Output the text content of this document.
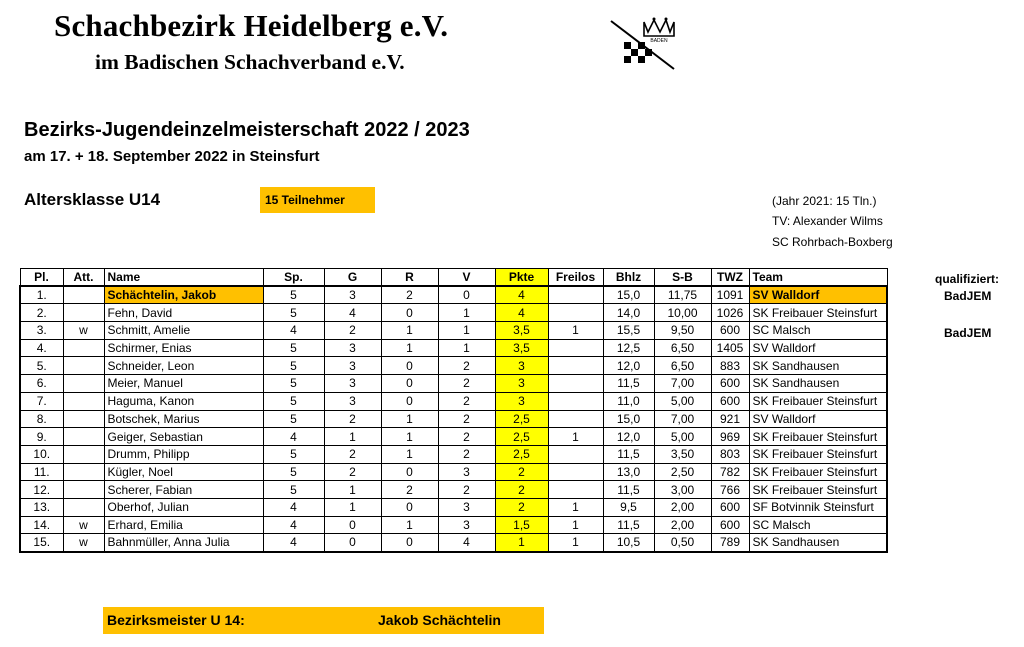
Schachbezirk Heidelberg e.V.
im Badischen Schachverband e.V.
BADEN
Bezirks-Jugendeinzelmeisterschaft 2022 / 2023
am 17. + 18. September 2022 in Steinsfurt
Altersklasse U14	15 Teilnehmer	(Jahr 2021: 15 Tln.)
TV: Alexander Wilms
SC Rohrbach-Boxberg
Pl.	Att.	Name	Sp.	G	R	V	Pkte	Freilos	Bhlz	S-B	TWZ	Team
1.		Schächtelin, Jakob	5	3	2	0	4		15,0	11,75	1091	SV Walldorf
2.		Fehn, David	5	4	0	1	4		14,0	10,00	1026	SK Freibauer Steinsfurt
3.	w	Schmitt, Amelie	4	2	1	1	3,5	1	15,5	9,50	600	SC Malsch
4.		Schirmer, Enias	5	3	1	1	3,5		12,5	6,50	1405	SV Walldorf
5.		Schneider, Leon	5	3	0	2	3		12,0	6,50	883	SK Sandhausen
6.		Meier, Manuel	5	3	0	2	3		11,5	7,00	600	SK Sandhausen
7.		Haguma, Kanon	5	3	0	2	3		11,0	5,00	600	SK Freibauer Steinsfurt
8.		Botschek, Marius	5	2	1	2	2,5		15,0	7,00	921	SV Walldorf
9.		Geiger, Sebastian	4	1	1	2	2,5	1	12,0	5,00	969	SK Freibauer Steinsfurt
10.		Drumm, Philipp	5	2	1	2	2,5		11,5	3,50	803	SK Freibauer Steinsfurt
11.		Kügler, Noel	5	2	0	3	2		13,0	2,50	782	SK Freibauer Steinsfurt
12.		Scherer, Fabian	5	1	2	2	2		11,5	3,00	766	SK Freibauer Steinsfurt
13.		Oberhof, Julian	4	1	0	3	2	1	9,5	2,00	600	SF Botvinnik Steinsfurt
14.	w	Erhard, Emilia	4	0	1	3	1,5	1	11,5	2,00	600	SC Malsch
15.	w	Bahnmüller, Anna Julia	4	0	0	4	1	1	10,5	0,50	789	SK Sandhausen
qualifiziert:
BadJEM
BadJEM
Bezirksmeister U 14:	Jakob Schächtelin
